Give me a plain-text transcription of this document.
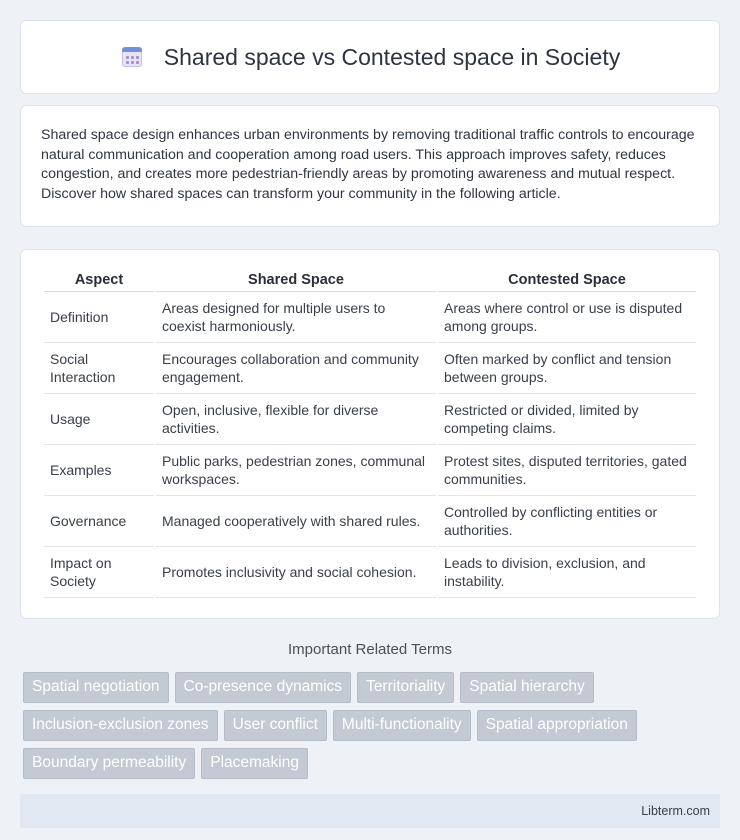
Shared space vs Contested space in Society

Shared space design enhances urban environments by removing traditional traffic controls to encourage natural communication and cooperation among road users. This approach improves safety, reduces congestion, and creates more pedestrian-friendly areas by promoting awareness and mutual respect. Discover how shared spaces can transform your community in the following article.

Aspect	Shared Space	Contested Space
Definition	Areas designed for multiple users to coexist harmoniously.	Areas where control or use is disputed among groups.
Social Interaction	Encourages collaboration and community engagement.	Often marked by conflict and tension between groups.
Usage	Open, inclusive, flexible for diverse activities.	Restricted or divided, limited by competing claims.
Examples	Public parks, pedestrian zones, communal workspaces.	Protest sites, disputed territories, gated communities.
Governance	Managed cooperatively with shared rules.	Controlled by conflicting entities or authorities.
Impact on Society	Promotes inclusivity and social cohesion.	Leads to division, exclusion, and instability.
Important Related Terms
Spatial negotiation	Co-presence dynamics	Territoriality	Spatial hierarchy
Inclusion-exclusion zones	User conflict	Multi-functionality	Spatial appropriation
Boundary permeability	Placemaking
Libterm.com
